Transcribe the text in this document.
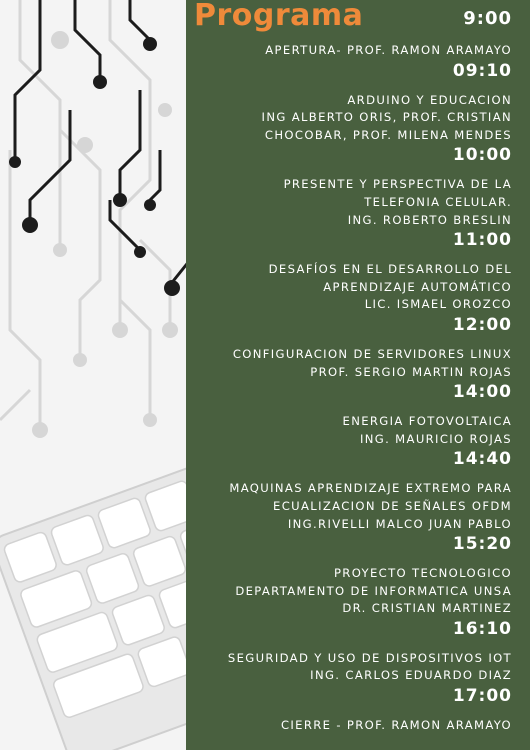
Programa	9:00
APERTURA- PROF. RAMON ARAMAYO
09:10
ARDUINO Y EDUCACION
ING ALBERTO ORIS, PROF. CRISTIAN
CHOCOBAR, PROF. MILENA MENDES
10:00
PRESENTE Y PERSPECTIVA DE LA
TELEFONIA CELULAR.
ING. ROBERTO BRESLIN
11:00
DESAFÍOS EN EL DESARROLLO DEL
APRENDIZAJE AUTOMÁTICO
LIC. ISMAEL OROZCO
12:00
CONFIGURACION DE SERVIDORES LINUX
PROF. SERGIO MARTIN ROJAS
14:00
ENERGIA FOTOVOLTAICA
ING. MAURICIO ROJAS
14:40
MAQUINAS APRENDIZAJE EXTREMO PARA
ECUALIZACION DE SEÑALES OFDM
ING.RIVELLI MALCO JUAN PABLO
15:20
PROYECTO TECNOLOGICO
DEPARTAMENTO DE INFORMATICA UNSA
DR. CRISTIAN MARTINEZ
16:10
SEGURIDAD Y USO DE DISPOSITIVOS IOT
ING. CARLOS EDUARDO DIAZ
17:00
CIERRE - PROF. RAMON ARAMAYO
